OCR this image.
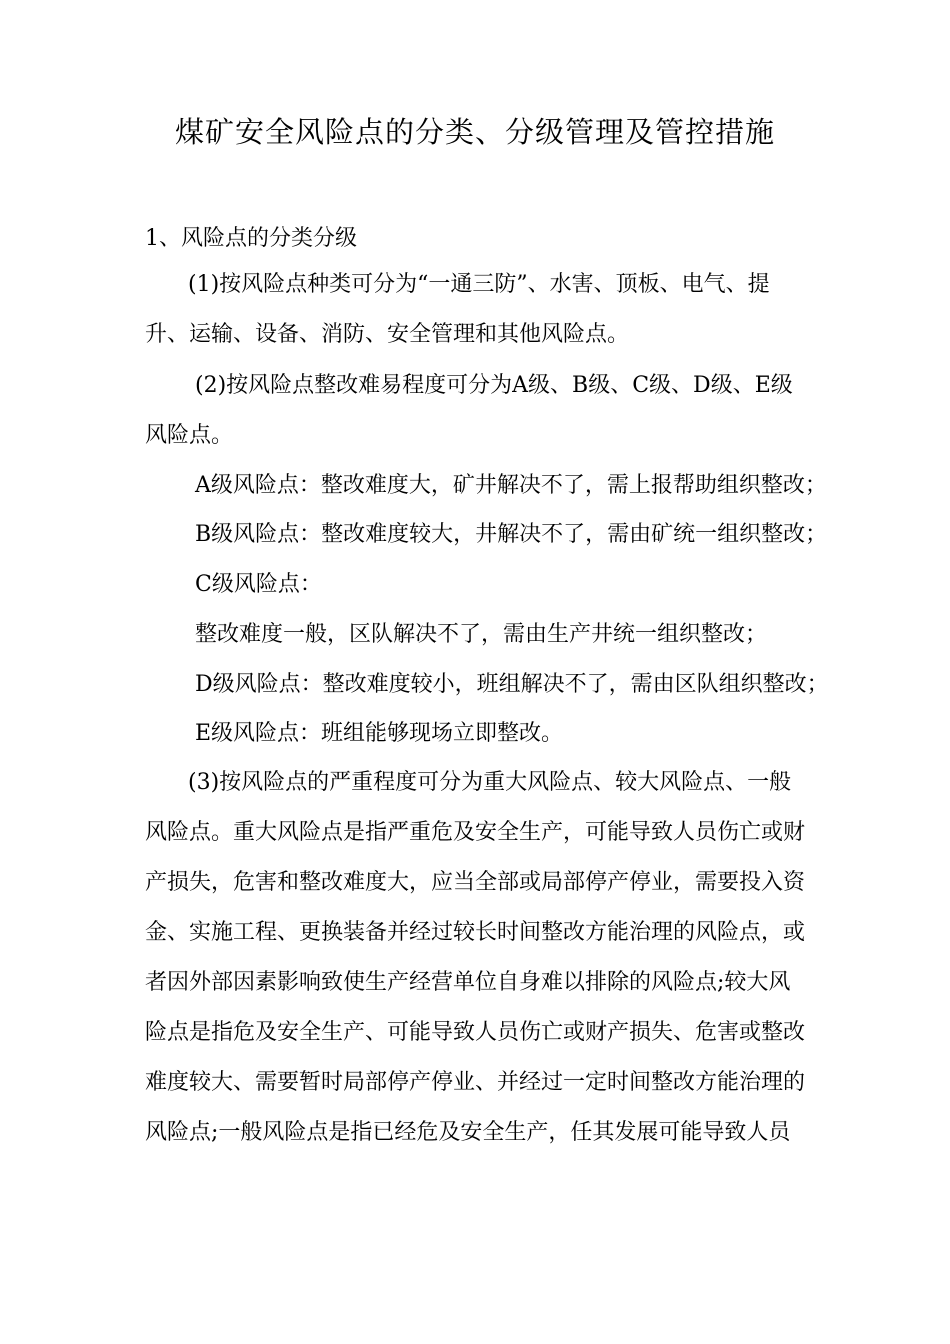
煤矿安全风险点的分类、分级管理及管控措施
1、风险点的分类分级
(1)按风险点种类可分为“一通三防”、水害、顶板、电气、提
升、运输、设备、消防、安全管理和其他风险点。
(2)按风险点整改难易程度可分为A级、B级、C级、D级、E级
风险点。
A级风险点：整改难度大，矿井解决不了，需上报帮助组织整改；
B级风险点：整改难度较大，井解决不了，需由矿统一组织整改；
C级风险点：
整改难度一般，区队解决不了，需由生产井统一组织整改；
D级风险点：整改难度较小，班组解决不了，需由区队组织整改；
E级风险点：班组能够现场立即整改。
(3)按风险点的严重程度可分为重大风险点、较大风险点、一般
风险点。重大风险点是指严重危及安全生产，可能导致人员伤亡或财
产损失，危害和整改难度大，应当全部或局部停产停业，需要投入资
金、实施工程、更换装备并经过较长时间整改方能治理的风险点，或
者因外部因素影响致使生产经营单位自身难以排除的风险点;较大风
险点是指危及安全生产、可能导致人员伤亡或财产损失、危害或整改
难度较大、需要暂时局部停产停业、并经过一定时间整改方能治理的
风险点;一般风险点是指已经危及安全生产，任其发展可能导致人员
